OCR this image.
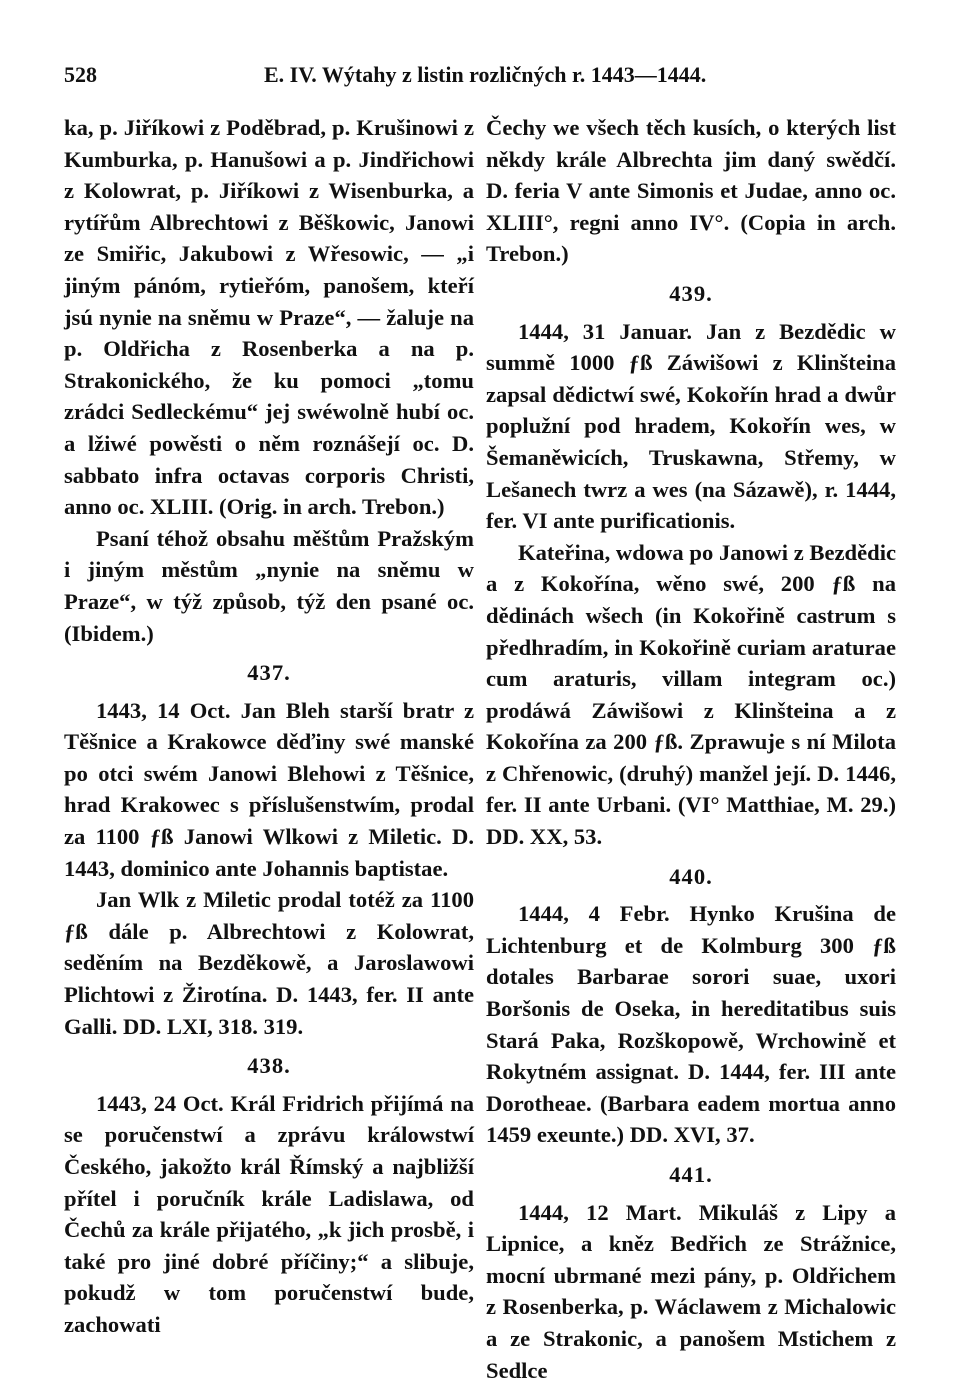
528	E. IV. Wýtahy z listin rozličných r. 1443—1444.

ka, p. Jiříkowi z Poděbrad, p. Krušinowi z Kumburka, p. Hanušowi a p. Jindřichowi z Kolowrat, p. Jiříkowi z Wisenburka, a rytířům Albrechtowi z Běškowic, Janowi ze Smiřic, Jakubowi z Wřesowic, — „i jiným pánóm, rytieřóm, panošem, kteří jsú nynie na sněmu w Praze“, — žaluje na p. Oldřicha z Rosenberka a na p. Strakonického, že ku pomoci „tomu zrádci Sedleckému“ jej swéwolně hubí oc. a lžiwé powěsti o něm roznášejí oc. D. sabbato infra octavas corporis Christi, anno oc. XLIII. (Orig. in arch. Trebon.)

Psaní téhož obsahu měštům Pražským i jiným městům „nynie na sněmu w Praze“, w týž způsob, týž den psané oc. (Ibidem.)

437.

1443, 14 Oct. Jan Bleh starší bratr z Těšnice a Krakowce děďiny swé manské po otci swém Janowi Blehowi z Těšnice, hrad Krakowec s příslušenstwím, prodal za 1100 ƒß Janowi Wlkowi z Miletic. D. 1443, dominico ante Johannis baptistae.

Jan Wlk z Miletic prodal totéž za 1100 ƒß dále p. Albrechtowi z Kolowrat, seděním na Bezděkowě, a Jaroslawowi Plichtowi z Žirotína. D. 1443, fer. II ante Galli. DD. LXI, 318. 319.

438.

1443, 24 Oct. Král Fridrich přijímá na se poručenstwí a zprávu králowstwí Českého, jakožto král Římský a najbližší přítel i poručník krále Ladislawa, od Čechů za krále přijatého, „k jich prosbě, i také pro jiné dobré příčiny;“ a slibuje, pokudž w tom poručenstwí bude, zachowati

Čechy we všech těch kusích, o kterých list někdy krále Albrechta jim daný swědčí. D. feria V ante Simonis et Judae, anno oc. XLIII°, regni anno IV°. (Copia in arch. Trebon.)

439.

1444, 31 Januar. Jan z Bezdědic w summě 1000 ƒß Záwišowi z Klinšteina zapsal dědictwí swé, Kokořín hrad a dwůr poplužní pod hradem, Kokořín wes, w Šemaněwicích, Truskawna, Střemy, w Lešanech twrz a wes (na Sázawě), r. 1444, fer. VI ante purificationis.

Kateřina, wdowa po Janowi z Bezdědic a z Kokořína, wěno swé, 200 ƒß na dědinách wšech (in Kokořině castrum s předhradím, in Kokořině curiam araturae cum araturis, villam integram oc.) prodáwá Záwišowi z Klinšteina a z Kokořína za 200 ƒß. Zprawuje s ní Milota z Chřenowic, (druhý) manžel její. D. 1446, fer. II ante Urbani. (VI° Matthiae, M. 29.) DD. XX, 53.

440.

1444, 4 Febr. Hynko Krušina de Lichtenburg et de Kolmburg 300 ƒß dotales Barbarae sorori suae, uxori Boršonis de Oseka, in hereditatibus suis Stará Paka, Rozškopowě, Wrchowině et Rokytném assignat. D. 1444, fer. III ante Dorotheae. (Barbara eadem mortua anno 1459 exeunte.) DD. XVI, 37.

441.

1444, 12 Mart. Mikuláš z Lipy a Lipnice, a kněz Bedřich ze Strážnice, mocní ubrmané mezi pány, p. Oldřichem z Rosenberka, p. Wáclawem z Michalowic a ze Strakonic, a panošem Mstichem z Sedlce
